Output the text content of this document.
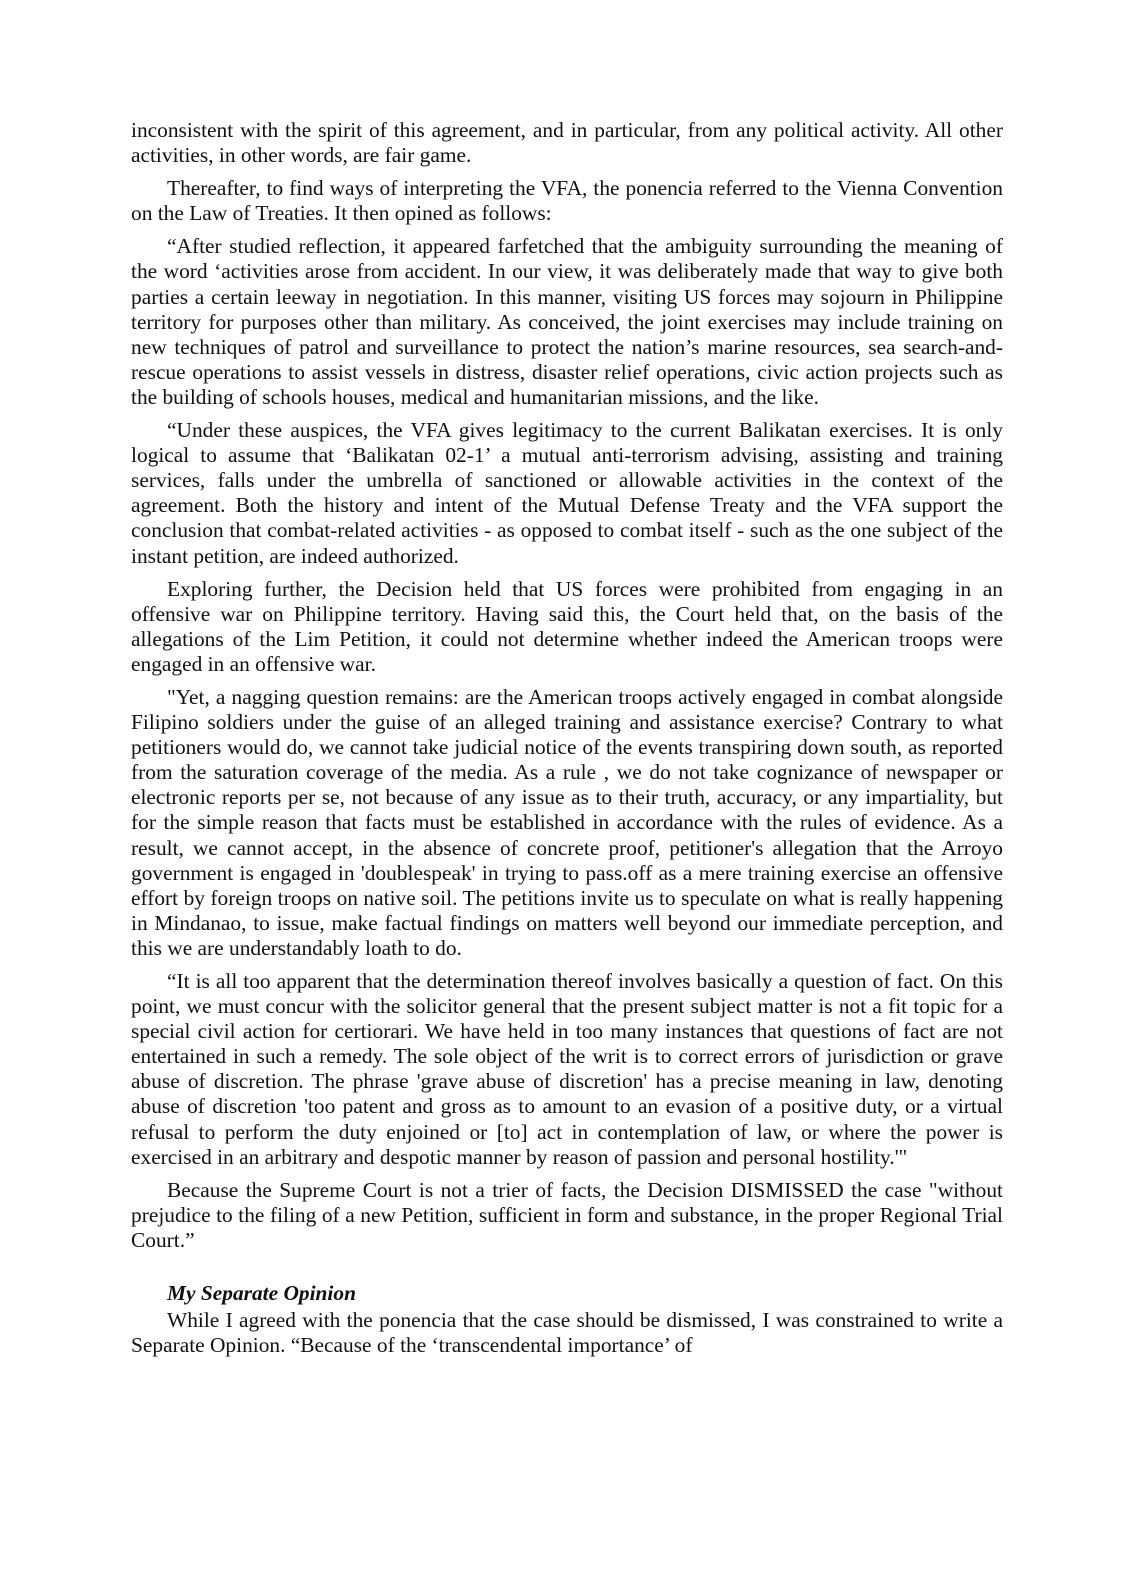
inconsistent with the spirit of this agreement, and in particular, from any political activity. All other activities, in other words, are fair game.

Thereafter, to find ways of interpreting the VFA, the ponencia referred to the Vienna Convention on the Law of Treaties. It then opined as follows:

“After studied reflection, it appeared farfetched that the ambiguity surrounding the meaning of the word ‘activities arose from accident. In our view, it was deliberately made that way to give both parties a certain leeway in negotiation. In this manner, visiting US forces may sojourn in Philippine territory for purposes other than military. As conceived, the joint exercises may include training on new techniques of patrol and surveillance to protect the nation’s marine resources, sea search-and-rescue operations to assist vessels in distress, disaster relief operations, civic action projects such as the building of schools houses, medical and humanitarian missions, and the like.

“Under these auspices, the VFA gives legitimacy to the current Balikatan exercises. It is only logical to assume that ‘Balikatan 02-1’ a mutual anti-terrorism advising, assisting and training services, falls under the umbrella of sanctioned or allowable activities in the context of the agreement. Both the history and intent of the Mutual Defense Treaty and the VFA support the conclusion that combat-related activities - as opposed to combat itself - such as the one subject of the instant petition, are indeed authorized.

Exploring further, the Decision held that US forces were prohibited from engaging in an offensive war on Philippine territory. Having said this, the Court held that, on the basis of the allegations of the Lim Petition, it could not determine whether indeed the American troops were engaged in an offensive war.

"Yet, a nagging question remains: are the American troops actively engaged in combat alongside Filipino soldiers under the guise of an alleged training and assistance exercise? Contrary to what petitioners would do, we cannot take judicial notice of the events transpiring down south, as reported from the saturation coverage of the media. As a rule , we do not take cognizance of newspaper or electronic reports per se, not because of any issue as to their truth, accuracy, or any impartiality, but for the simple reason that facts must be established in accordance with the rules of evidence. As a result, we cannot accept, in the absence of concrete proof, petitioner's allegation that the Arroyo government is engaged in 'doublespeak' in trying to pass.off as a mere training exercise an offensive effort by foreign troops on native soil. The petitions invite us to speculate on what is really happening in Mindanao, to issue, make factual findings on matters well beyond our immediate perception, and this we are understandably loath to do.

“It is all too apparent that the determination thereof involves basically a question of fact. On this point, we must concur with the solicitor general that the present subject matter is not a fit topic for a special civil action for certiorari. We have held in too many instances that questions of fact are not entertained in such a remedy. The sole object of the writ is to correct errors of jurisdiction or grave abuse of discretion. The phrase 'grave abuse of discretion' has a precise meaning in law, denoting abuse of discretion 'too patent and gross as to amount to an evasion of a positive duty, or a virtual refusal to perform the duty enjoined or [to] act in contemplation of law, or where the power is exercised in an arbitrary and despotic manner by reason of passion and personal hostility.'"

Because the Supreme Court is not a trier of facts, the Decision DISMISSED the case "without prejudice to the filing of a new Petition, sufficient in form and substance, in the proper Regional Trial Court.”

My Separate Opinion

While I agreed with the ponencia that the case should be dismissed, I was constrained to write a Separate Opinion. “Because of the ‘transcendental importance’ of
